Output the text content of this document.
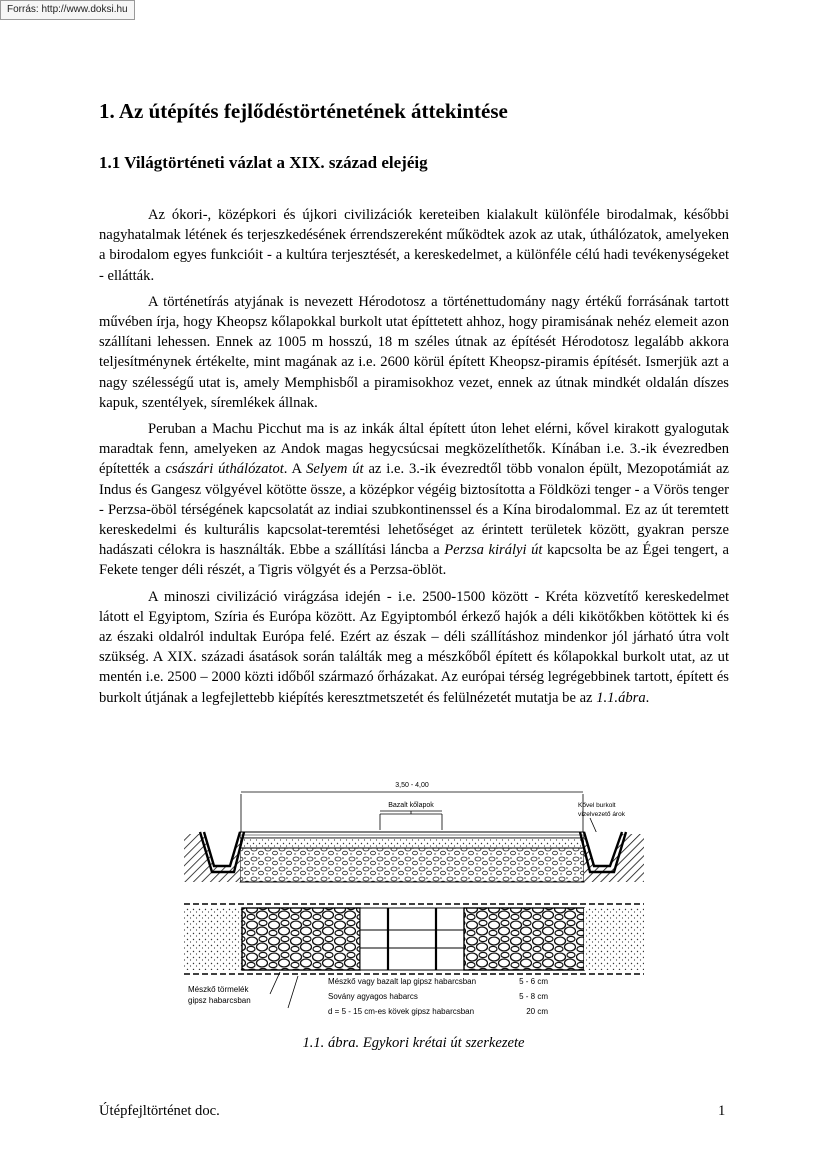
Forrás: http://www.doksi.hu
1. Az útépítés fejlődéstörténetének áttekintése
1.1 Világtörténeti vázlat a XIX. század elejéig

Az ókori-, középkori és újkori civilizációk kereteiben kialakult különféle birodalmak, későbbi nagyhatalmak létének és terjeszkedésének érrendszereként működtek azok az utak, úthálózatok, amelyeken a birodalom egyes funkcióit - a kultúra terjesztését, a kereskedelmet, a különféle célú hadi tevékenységeket - ellátták.

A történetírás atyjának is nevezett Hérodotosz a történettudomány nagy értékű forrásának tartott művében írja, hogy Kheopsz kőlapokkal burkolt utat építtetett ahhoz, hogy piramisának nehéz elemeit azon szállítani lehessen. Ennek az 1005 m hosszú, 18 m széles útnak az építését Hérodotosz legalább akkora teljesítménynek értékelte, mint magának az i.e. 2600 körül épített Kheopsz-piramis építését. Ismerjük azt a nagy szélességű utat is, amely Memphisből a piramisokhoz vezet, ennek az útnak mindkét oldalán díszes kapuk, szentélyek, síremlékek állnak.

Peruban a Machu Picchut ma is az inkák által épített úton lehet elérni, kővel kirakott gyalogutak maradtak fenn, amelyeken az Andok magas hegycsúcsai megközelíthetők. Kínában i.e. 3.-ik évezredben építették a császári úthálózatot. A Selyem út az i.e. 3.-ik évezredtől több vonalon épült, Mezopotámiát az Indus és Gangesz völgyével kötötte össze, a középkor végéig biztosította a Földközi tenger - a Vörös tenger - Perzsa-öböl térségének kapcsolatát az indiai szubkontinenssel és a Kína birodalommal. Ez az út teremtett kereskedelmi és kulturális kapcsolat-teremtési lehetőséget az érintett területek között, gyakran persze hadászati célokra is használták. Ebbe a szállítási láncba a Perzsa királyi út kapcsolta be az Égei tengert, a Fekete tenger déli részét, a Tigris völgyét és a Perzsa-öblöt.

A minoszi civilizáció virágzása idején - i.e. 2500-1500 között - Kréta közvetítő kereskedelmet látott el Egyiptom, Szíria és Európa között. Az Egyiptomból érkező hajók a déli kikötőkben kötöttek ki és az északi oldalról indultak Európa felé. Ezért az észak – déli szállításhoz mindenkor jól járható útra volt szükség. A XIX. századi ásatások során találták meg a mészkőből épített és kőlapokkal burkolt utat, az ut mentén i.e. 2500 – 2000 közti időből származó őrházakat. Az európai térség legrégebbinek tartott, épített és burkolt útjának a legfejlettebb kiépítés keresztmetszetét és felülnézetét mutatja be az 1.1.ábra.

3,50 - 4,00
Bazalt kőlapok	Kővel burkolt
vízelvezető árok
Mészkő törmelék
gipsz habarcsban
Mészkő vagy bazalt lap gipsz habarcsban	5 - 6 cm
Sovány agyagos habarcs	5 - 8 cm
d = 5 - 15 cm-es kövek gipsz habarcsban	20 cm
1.1. ábra. Egykori krétai út szerkezete
Útépfejltörténet doc.	1
